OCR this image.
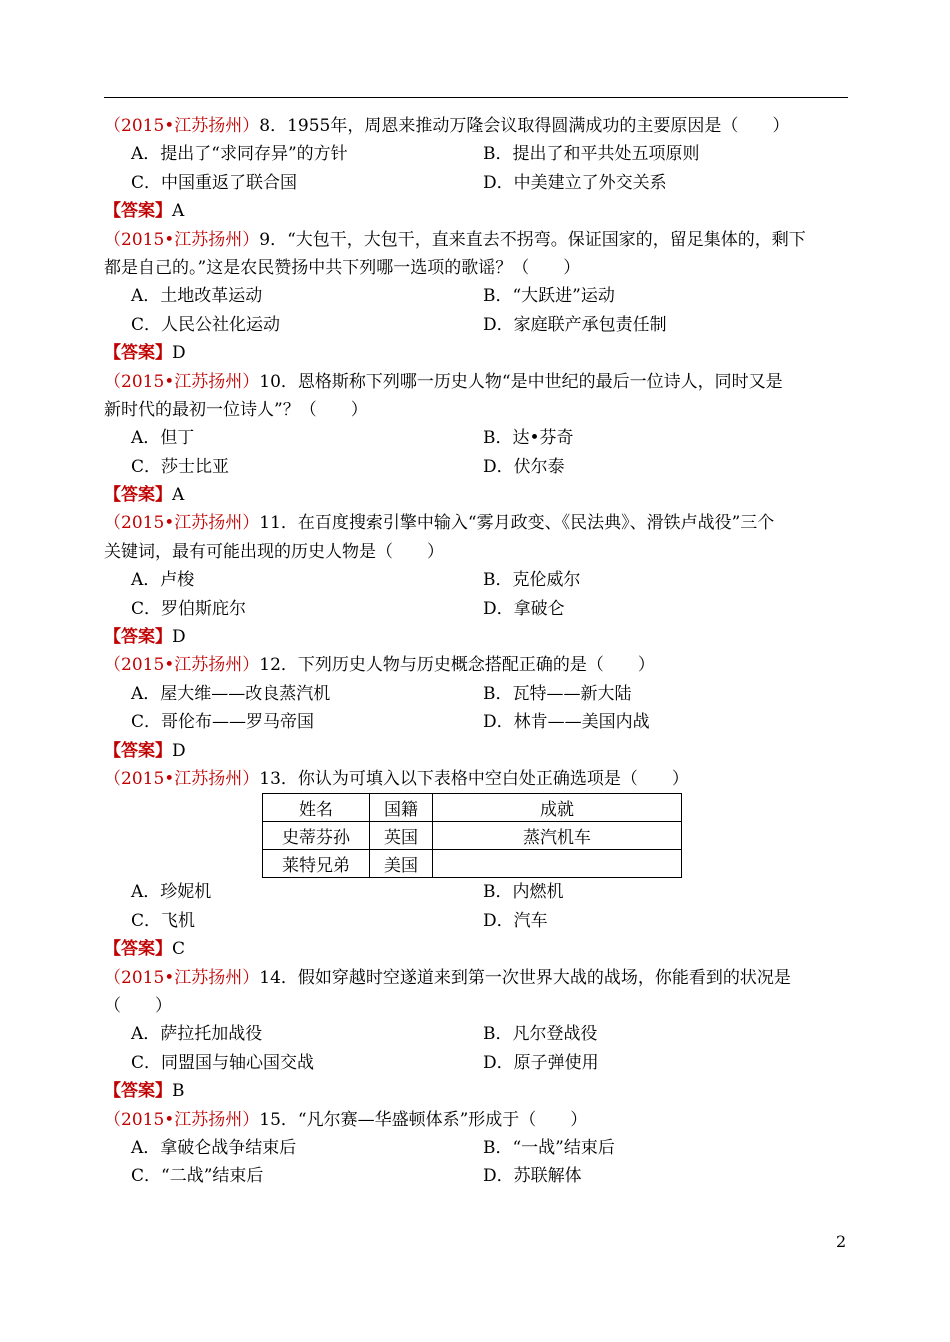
（2015•江苏扬州）8．1955年，周恩来推动万隆会议取得圆满成功的主要原因是（　　）
A．提出了“求同存异”的方针	B．提出了和平共处五项原则
C．中国重返了联合国	D．中美建立了外交关系
【答案】A
（2015•江苏扬州）9．“大包干，大包干，直来直去不拐弯。保证国家的，留足集体的，剩下
都是自己的。”这是农民赞扬中共下列哪一选项的歌谣？（　　）
A．土地改革运动	B．“大跃进”运动
C．人民公社化运动	D．家庭联产承包责任制
【答案】D
（2015•江苏扬州）10．恩格斯称下列哪一历史人物“是中世纪的最后一位诗人，同时又是
新时代的最初一位诗人”？（　　）
A．但丁	B．达•芬奇
C．莎士比亚	D．伏尔泰
【答案】A
（2015•江苏扬州）11．在百度搜索引擎中输入“雾月政变、《民法典》、滑铁卢战役”三个
关键词，最有可能出现的历史人物是（　　）
A．卢梭	B．克伦威尔
C．罗伯斯庇尔	D．拿破仑
【答案】D
（2015•江苏扬州）12．下列历史人物与历史概念搭配正确的是（　　）
A．屋大维——改良蒸汽机	B．瓦特——新大陆
C．哥伦布——罗马帝国	D．林肯——美国内战
【答案】D
（2015•江苏扬州）13．你认为可填入以下表格中空白处正确选项是（　　）
姓名	国籍	成就
史蒂芬孙	英国	蒸汽机车
莱特兄弟	美国	
A．珍妮机	B．内燃机
C．飞机	D．汽车
【答案】C
（2015•江苏扬州）14．假如穿越时空遂道来到第一次世界大战的战场，你能看到的状况是
（　　）
A．萨拉托加战役	B．凡尔登战役
C．同盟国与轴心国交战	D．原子弹使用
【答案】B
（2015•江苏扬州）15．“凡尔赛—华盛顿体系”形成于（　　）
A．拿破仑战争结束后	B．“一战”结束后
C．“二战”结束后	D．苏联解体
2
